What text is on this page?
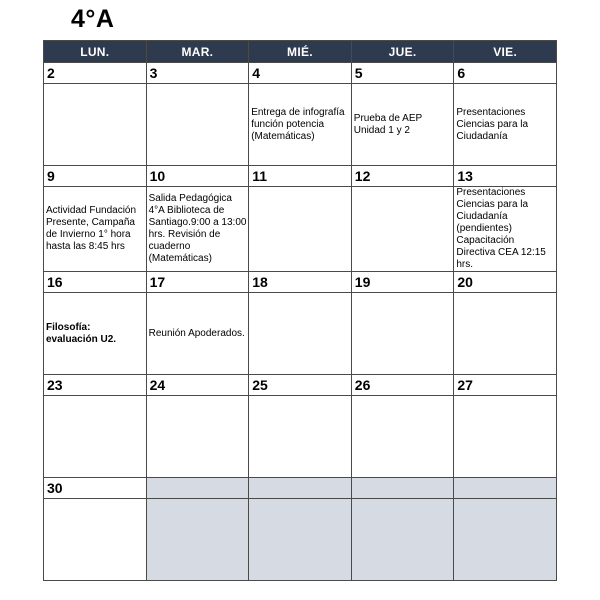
4°A
LUN.	MAR.	MIÉ.	JUE.	VIE.
2	3	4	5	6
		Entrega de infografía función potencia (Matemáticas)	Prueba de AEP Unidad 1 y 2	Presentaciones Ciencias para la Ciudadanía
9	10	11	12	13
Actividad Fundación Presente, Campaña de Invierno 1° hora hasta las 8:45 hrs	Salida Pedagógica 4°A Biblioteca de Santiago.9:00 a 13:00 hrs. Revisión de cuaderno (Matemáticas)			Presentaciones Ciencias para la Ciudadanía (pendientes) Capacitación Directiva CEA 12:15 hrs.
16	17	18	19	20
Filosofía: evaluación U2.	Reunión Apoderados.			
23	24	25	26	27

30				
